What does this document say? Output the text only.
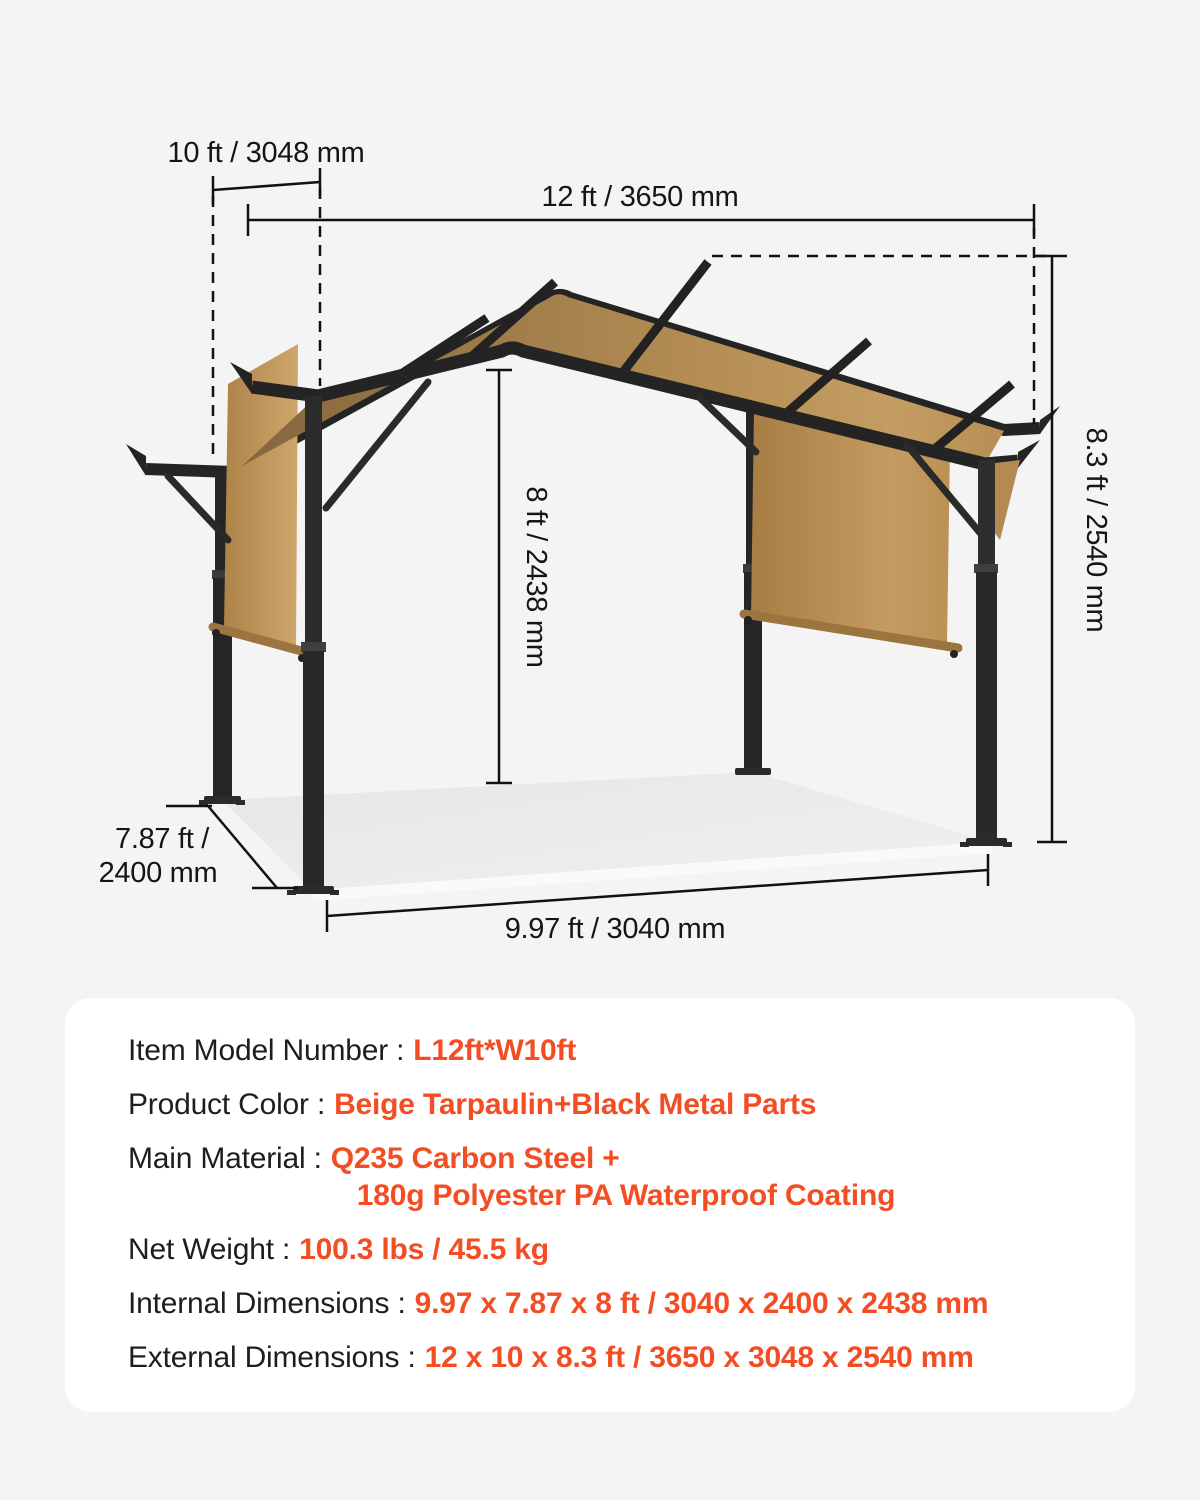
10 ft / 3048 mm
12 ft / 3650 mm
8 ft / 2438 mm	8.3 ft / 2540 mm
7.87 ft /
2400 mm
9.97 ft / 3040 mm
Item Model Number : L12ft*W10ft
Product Color : Beige Tarpaulin+Black Metal Parts
Main Material : Q235 Carbon Steel +
180g Polyester PA Waterproof Coating
Net Weight : 100.3 lbs / 45.5 kg
Internal Dimensions : 9.97 x 7.87 x 8 ft / 3040 x 2400 x 2438 mm
External Dimensions : 12 x 10 x 8.3 ft / 3650 x 3048 x 2540 mm
